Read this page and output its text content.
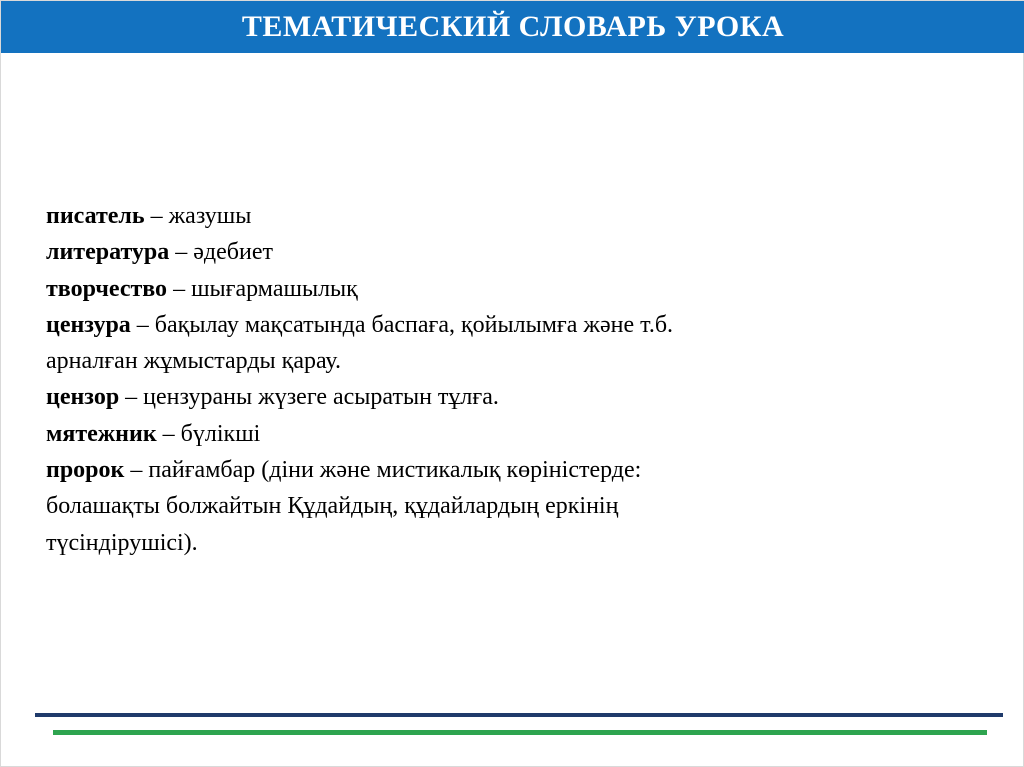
ТЕМАТИЧЕСКИЙ СЛОВАРЬ УРОКА

писатель – жазушы

литература – әдебиет

творчество – шығармашылық

цензура – бақылау мақсатында баспаға, қойылымға және т.б.

арналған жұмыстарды қарау.

цензор – цензураны жүзеге асыратын тұлға.

мятежник – бүлікші

пророк – пайғамбар (діни және мистикалық көріністерде:

болашақты болжайтын Құдайдың, құдайлардың еркінің

түсіндірушісі).
